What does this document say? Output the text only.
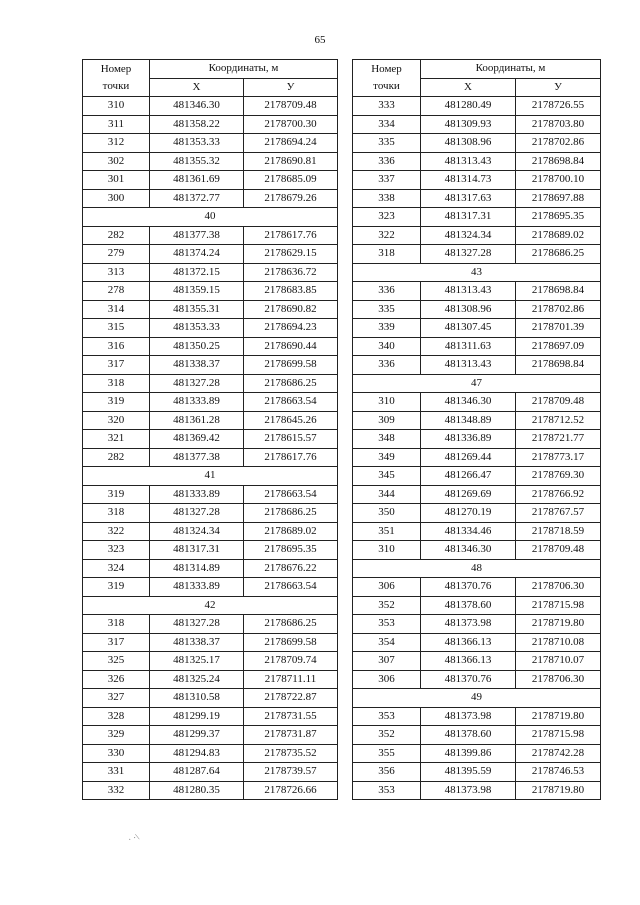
65
Номер
точки	Координаты, м	
	Х	У
310	481346.30	2178709.48
311	481358.22	2178700.30
312	481353.33	2178694.24
302	481355.32	2178690.81
301	481361.69	2178685.09
300	481372.77	2178679.26
40		
282	481377.38	2178617.76
279	481374.24	2178629.15
313	481372.15	2178636.72
278	481359.15	2178683.85
314	481355.31	2178690.82
315	481353.33	2178694.23
316	481350.25	2178690.44
317	481338.37	2178699.58
318	481327.28	2178686.25
319	481333.89	2178663.54
320	481361.28	2178645.26
321	481369.42	2178615.57
282	481377.38	2178617.76
41		
319	481333.89	2178663.54
318	481327.28	2178686.25
322	481324.34	2178689.02
323	481317.31	2178695.35
324	481314.89	2178676.22
319	481333.89	2178663.54
42		
318	481327.28	2178686.25
317	481338.37	2178699.58
325	481325.17	2178709.74
326	481325.24	2178711.11
327	481310.58	2178722.87
328	481299.19	2178731.55
329	481299.37	2178731.87
330	481294.83	2178735.52
331	481287.64	2178739.57
332	481280.35	2178726.66
Номер
точки	Координаты, м	
	Х	У
333	481280.49	2178726.55
334	481309.93	2178703.80
335	481308.96	2178702.86
336	481313.43	2178698.84
337	481314.73	2178700.10
338	481317.63	2178697.88
323	481317.31	2178695.35
322	481324.34	2178689.02
318	481327.28	2178686.25
43		
336	481313.43	2178698.84
335	481308.96	2178702.86
339	481307.45	2178701.39
340	481311.63	2178697.09
336	481313.43	2178698.84
47		
310	481346.30	2178709.48
309	481348.89	2178712.52
348	481336.89	2178721.77
349	481269.44	2178773.17
345	481266.47	2178769.30
344	481269.69	2178766.92
350	481270.19	2178767.57
351	481334.46	2178718.59
310	481346.30	2178709.48
48		
306	481370.76	2178706.30
352	481378.60	2178715.98
353	481373.98	2178719.80
354	481366.13	2178710.08
307	481366.13	2178710.07
306	481370.76	2178706.30
49		
353	481373.98	2178719.80
352	481378.60	2178715.98
355	481399.86	2178742.28
356	481395.59	2178746.53
353	481373.98	2178719.80
· ·\
